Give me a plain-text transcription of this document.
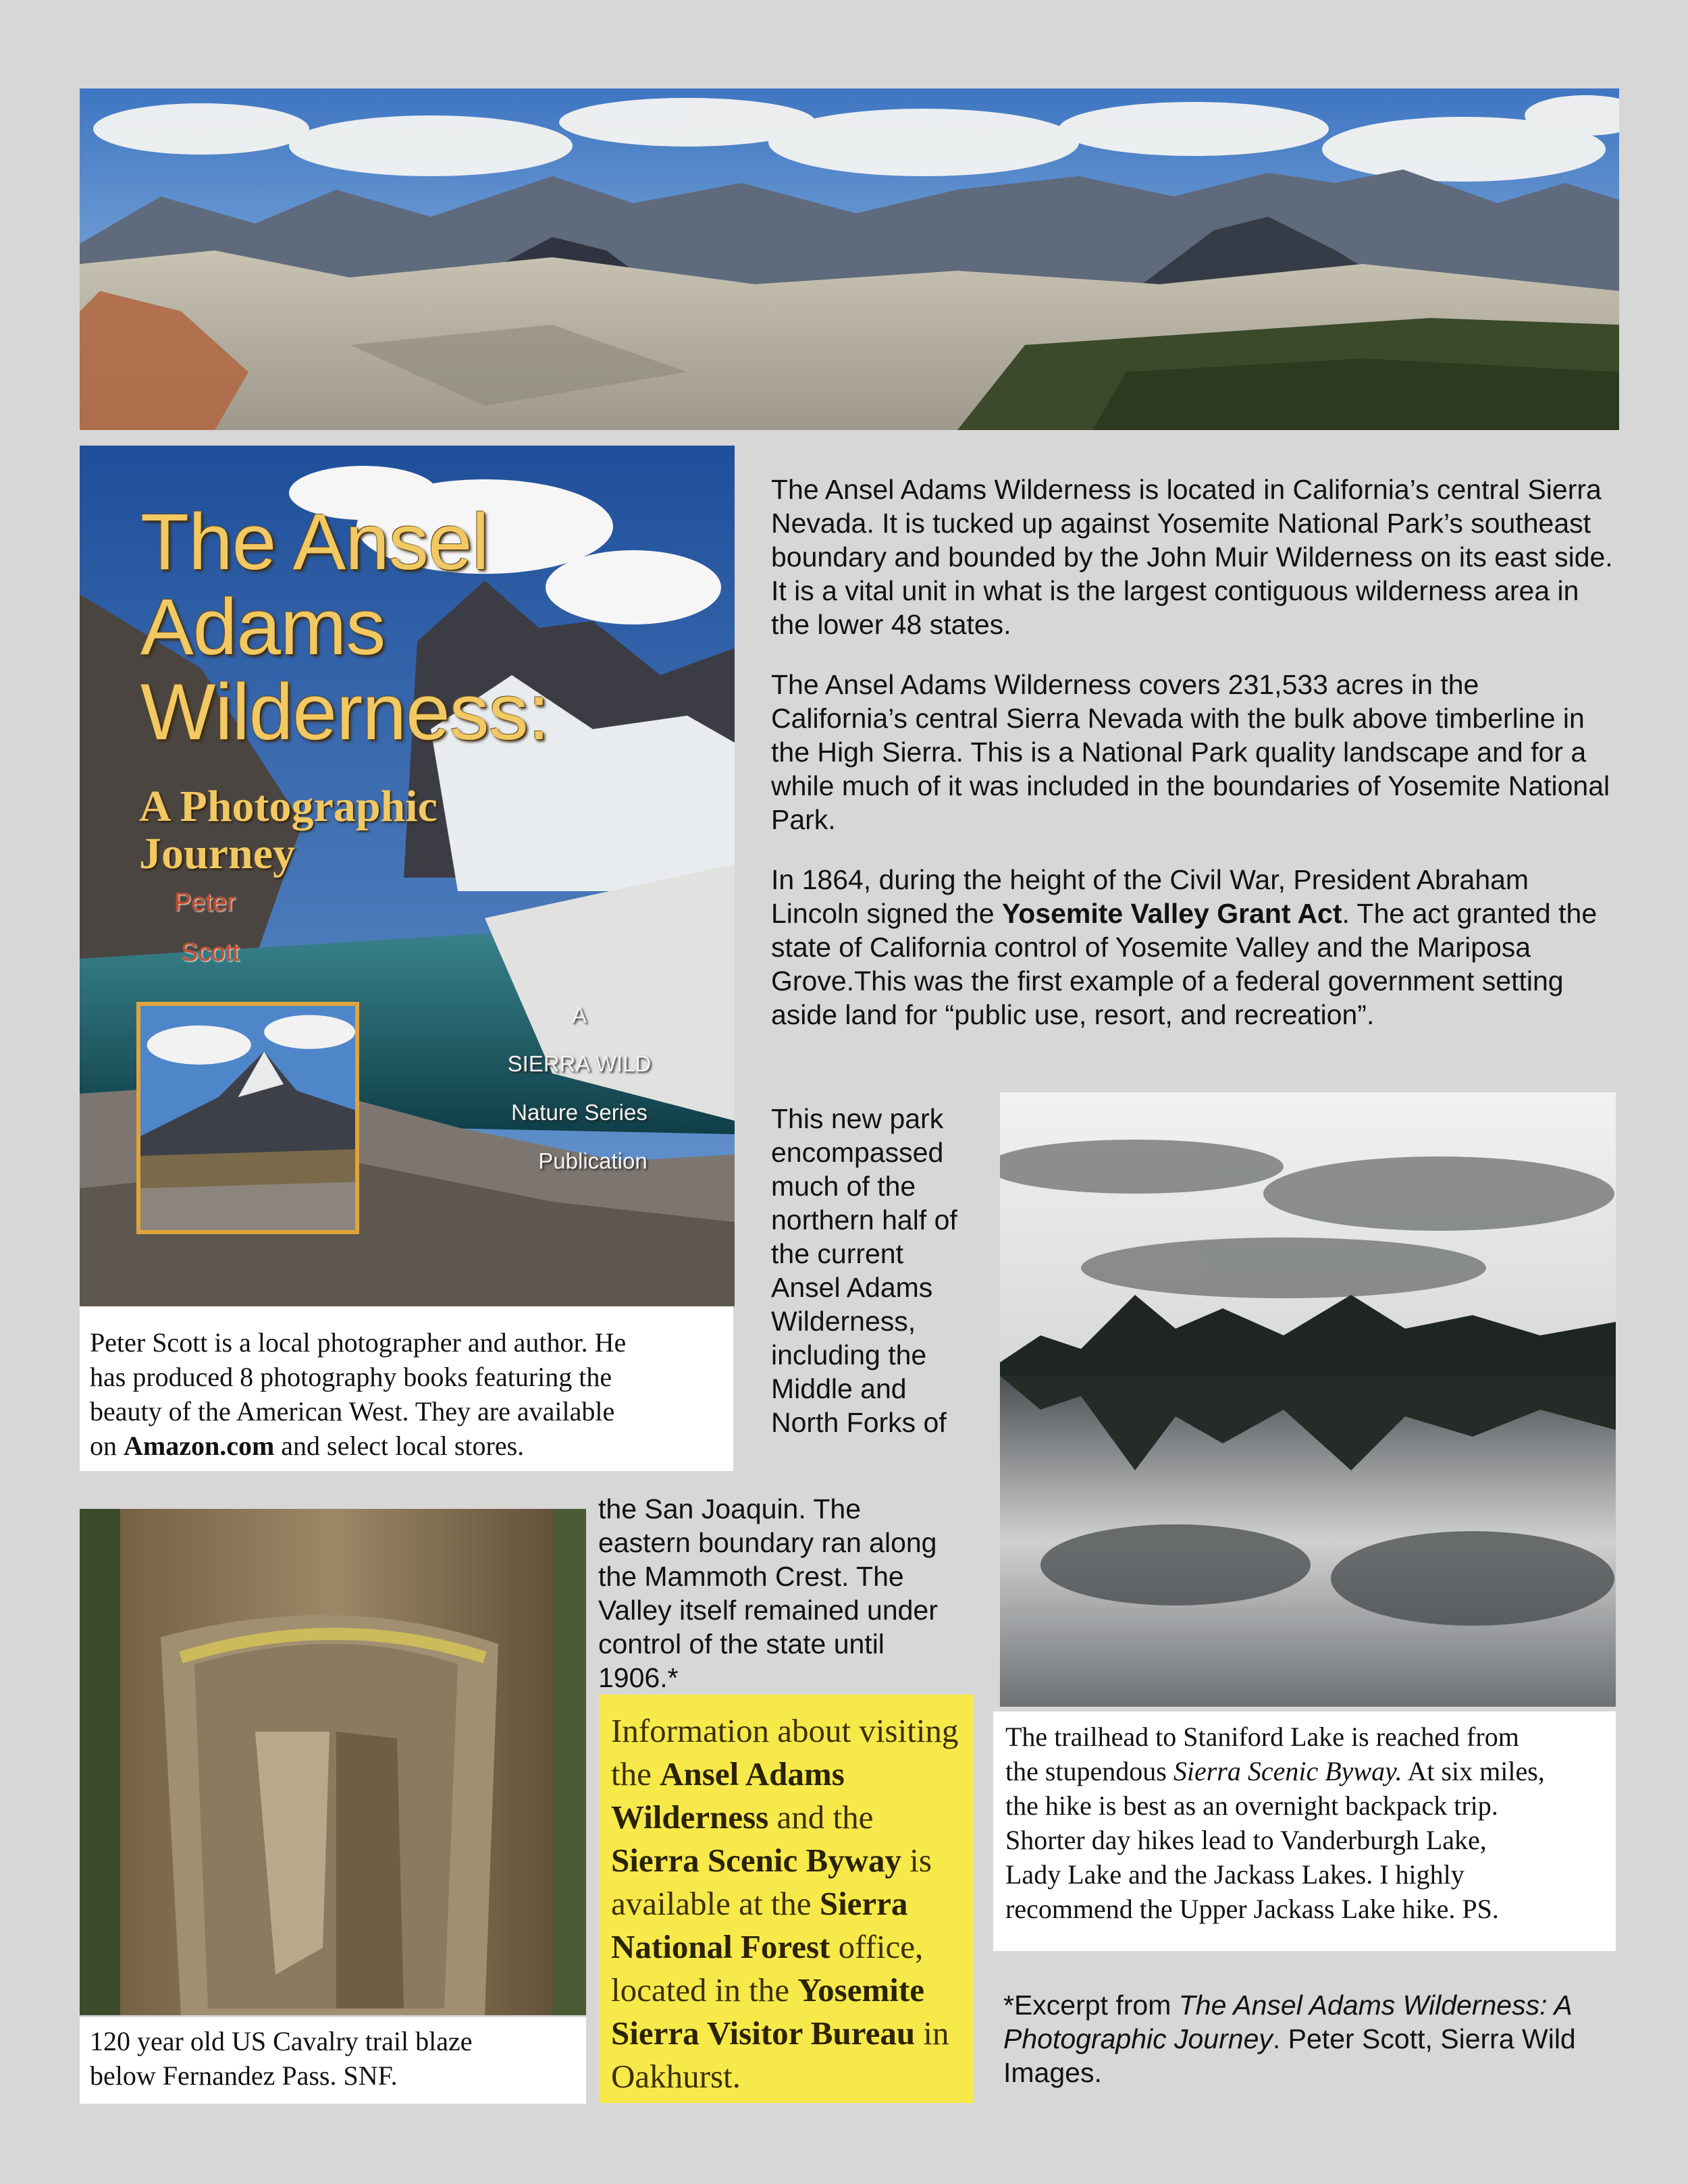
The Ansel
Adams
Wilderness:
A Photographic
Journey
Peter
Scott
A
SIERRA WILD
Nature Series
Publication
Peter Scott is a local photographer and author. He
has produced 8 photography books featuring the
beauty of the American West. They are available
on Amazon.com and select local stores.

The Ansel Adams Wilderness is located in California’s central Sierra Nevada. It is tucked up against Yosemite National Park’s southeast boundary and bounded by the John Muir Wilderness on its east side. It is a vital unit in what is the largest contiguous wilderness area in the lower 48 states.

The Ansel Adams Wilderness covers 231,533 acres in the California’s central Sierra Nevada with the bulk above timberline in the High Sierra. This is a National Park quality landscape and for a while much of it was included in the boundaries of Yosemite National Park.

In 1864, during the height of the Civil War, President Abraham Lincoln signed the Yosemite Valley Grant Act. The act granted the state of California control of Yosemite Valley and the Mariposa Grove.This was the first example of a federal government setting aside land for “public use, resort, and recreation”.

This new park
encompassed
much of the
northern half of
the current
Ansel Adams
Wilderness,
including the
Middle and
North Forks of
the San Joaquin. The
eastern boundary ran along
the Mammoth Crest. The
Valley itself remained under
control of the state until
1906.*
The trailhead to Staniford Lake is reached from
the stupendous Sierra Scenic Byway. At six miles,
the hike is best as an overnight backpack trip.
Shorter day hikes lead to Vanderburgh Lake,
Lady Lake and the Jackass Lakes. I highly
recommend the Upper Jackass Lake hike. PS.
*Excerpt from The Ansel Adams Wilderness: A Photographic Journey. Peter Scott, Sierra Wild Images.
120 year old US Cavalry trail blaze
below Fernandez Pass. SNF.
Information about visiting
the Ansel Adams
Wilderness and the
Sierra Scenic Byway is
available at the Sierra
National Forest office,
located in the Yosemite
Sierra Visitor Bureau in
Oakhurst.
